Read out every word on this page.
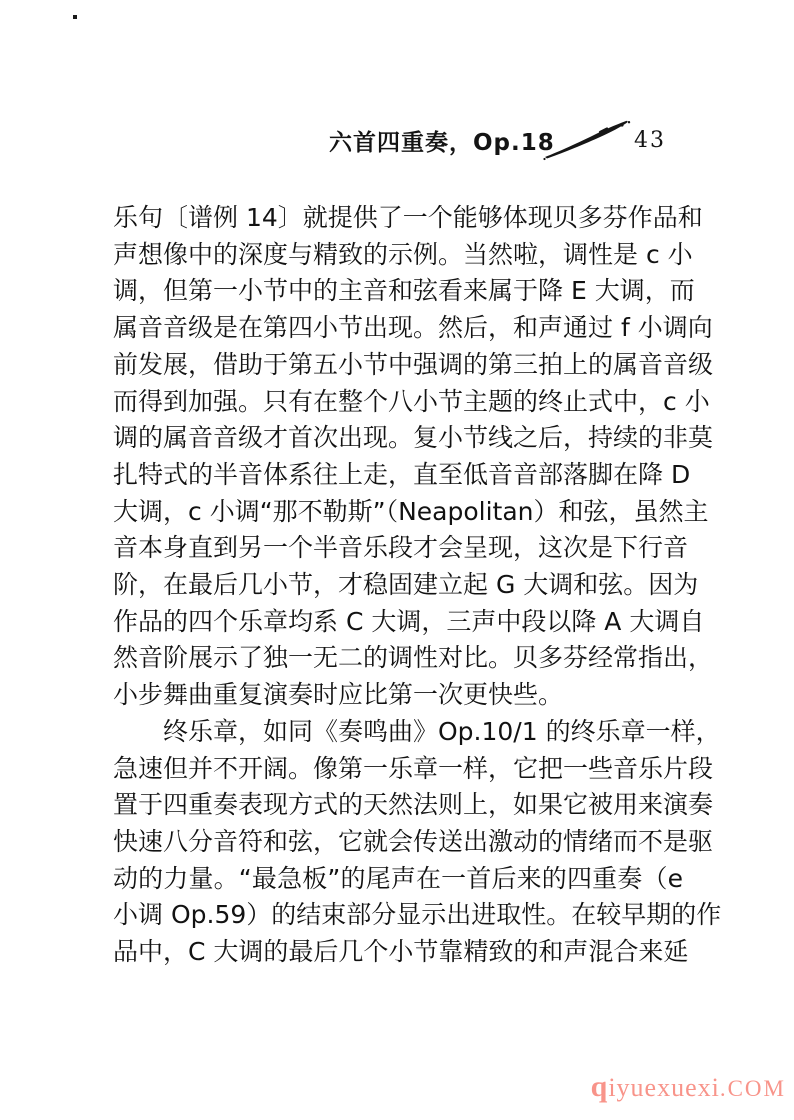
六首四重奏，Op.18	43
乐句〔谱例 14〕就提供了一个能够体现贝多芬作品和
声想像中的深度与精致的示例。当然啦，调性是 c 小
调，但第一小节中的主音和弦看来属于降 E 大调，而
属音音级是在第四小节出现。然后，和声通过 f 小调向
前发展，借助于第五小节中强调的第三拍上的属音音级
而得到加强。只有在整个八小节主题的终止式中，c 小
调的属音音级才首次出现。复小节线之后，持续的非莫
扎特式的半音体系往上走，直至低音音部落脚在降 D
大调，c 小调“那不勒斯”（Neapolitan）和弦，虽然主
音本身直到另一个半音乐段才会呈现，这次是下行音
阶，在最后几小节，才稳固建立起 G 大调和弦。因为
作品的四个乐章均系 C 大调，三声中段以降 A 大调自
然音阶展示了独一无二的调性对比。贝多芬经常指出，
小步舞曲重复演奏时应比第一次更快些。
终乐章，如同《奏鸣曲》Op.10/1 的终乐章一样，
急速但并不开阔。像第一乐章一样，它把一些音乐片段
置于四重奏表现方式的天然法则上，如果它被用来演奏
快速八分音符和弦，它就会传送出激动的情绪而不是驱
动的力量。“最急板”的尾声在一首后来的四重奏（e
小调 Op.59）的结束部分显示出进取性。在较早期的作
品中，C 大调的最后几个小节靠精致的和声混合来延
qiyuexuexi.COM
